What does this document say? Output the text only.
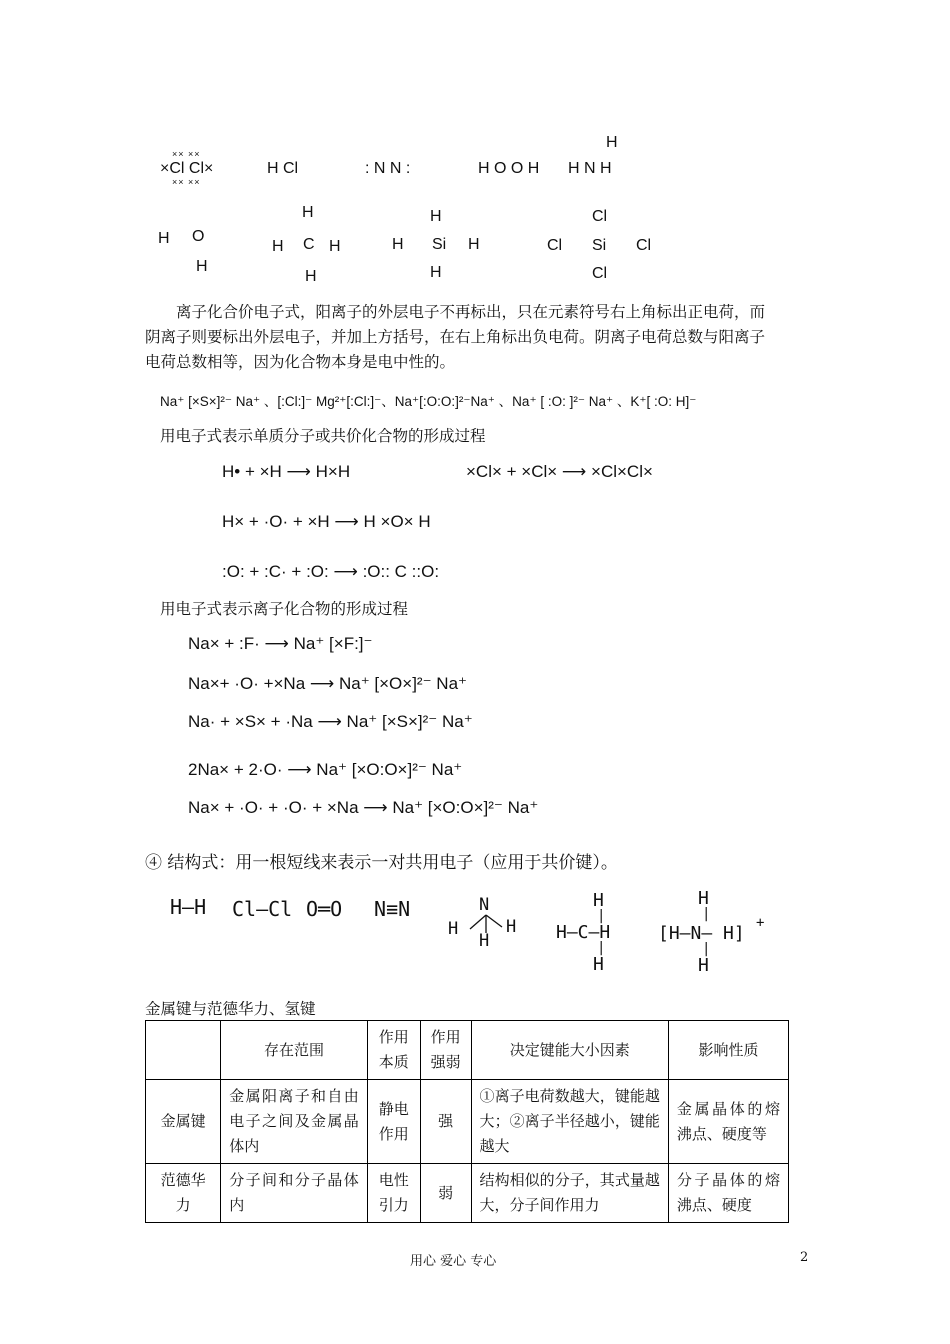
×× ××
×Cl Cl×
×× ××
H Cl	: N N :	H O O H H N H
H
H O
H
H
H C H
H
H
H Si H
H
Cl
Cl Si Cl
Cl
离子化合价电子式，阳离子的外层电子不再标出，只在元素符号右上角标出正电荷，而
阴离子则要标出外层电子，并加上方括号，在右上角标出负电荷。阴离子电荷总数与阳离子
电荷总数相等，因为化合物本身是电中性的。
Na⁺ [×S×]²⁻ Na⁺ 、[:Cl:]⁻ Mg²⁺[:Cl:]⁻、Na⁺[:O:O:]²⁻Na⁺ 、Na⁺ [ :O: ]²⁻ Na⁺ 、K⁺[ :O: H]⁻
用电子式表示单质分子或共价化合物的形成过程
H• + ×H ⟶ H×H	×Cl× + ×Cl× ⟶ ×Cl×Cl×
H× + ·O· + ×H ⟶ H ×O× H
:O: + :C· + :O: ⟶ :O:: C ::O:
用电子式表示离子化合物的形成过程
Na× + :F· ⟶ Na⁺ [×F:]⁻
Na×+ ·O· +×Na ⟶ Na⁺ [×O×]²⁻ Na⁺
Na· + ×S× + ·Na ⟶ Na⁺ [×S×]²⁻ Na⁺
2Na× + 2·O· ⟶ Na⁺ [×O:O×]²⁻ Na⁺
Na× + ·O· + ·O· + ×Na ⟶ Na⁺ [×O:O×]²⁻ Na⁺
④ 结构式：用一根短线来表示一对共用电子（应用于共价键）。
H—H Cl—Cl O═O N≡N	N
H
H
H
H
|
H—C—H
|
H
H
|
[H—N— H] +
|
H
金属键与范德华力、氢键
	存在范围	作用本质	作用强弱	决定键能大小因素	影响性质
金属键	金属阳离子和自由电子之间及金属晶体内	静电作用	强	①离子电荷数越大，键能越大；②离子半径越小，键能越大	金属晶体的熔沸点、硬度等
范德华力	分子间和分子晶体内	电性引力	弱	结构相似的分子，其式量越大，分子间作用力	分子晶体的熔沸点、硬度
用心 爱心 专心	2
